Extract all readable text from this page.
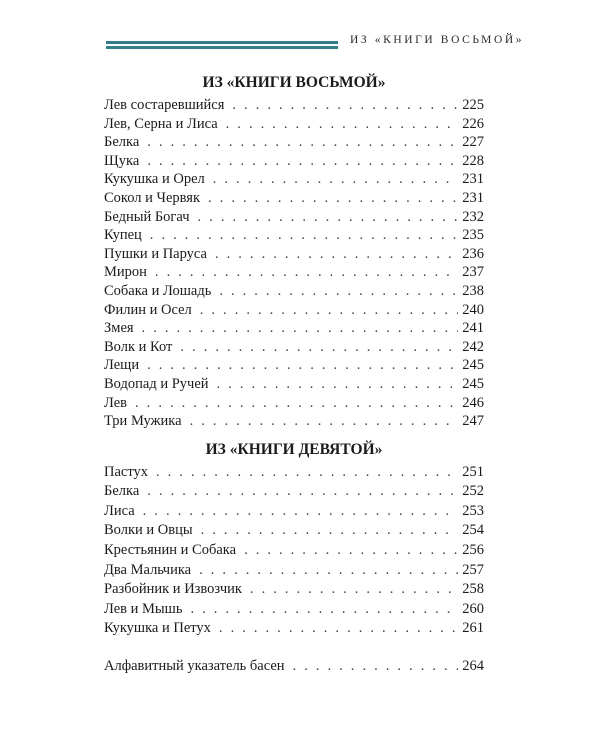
ИЗ «КНИГИ ВОСЬМОЙ»
ИЗ «КНИГИ ВОСЬМОЙ»
Лев состаревшийся . . .	225
Лев, Серна и Лиса . . .	226
Белка . . .	227
Щука . . .	228
Кукушка и Орел . . .	231
Сокол и Червяк . . .	231
Бедный Богач . . .	232
Купец . . .	235
Пушки и Паруса . . .	236
Мирон . . .	237
Собака и Лошадь . . .	238
Филин и Осел . . .	240
Змея . . .	241
Волк и Кот . . .	242
Лещи . . .	245
Водопад и Ручей . . .	245
Лев . . .	246
Три Мужика . . .	247
ИЗ «КНИГИ ДЕВЯТОЙ»
Пастух . . .	251
Белка . . .	252
Лиса . . .	253
Волки и Овцы . . .	254
Крестьянин и Собака . . .	256
Два Мальчика . . .	257
Разбойник и Извозчик . . .	258
Лев и Мышь . . .	260
Кукушка и Петух . . .	261
Алфавитный указатель басен . . .	264
